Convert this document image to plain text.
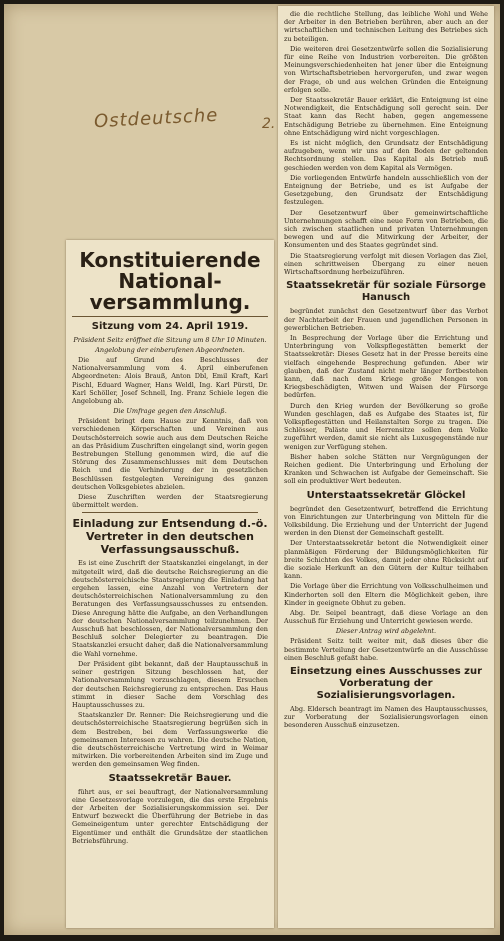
Ostdeutsche	2.
Konstituierende National-versammlung.
Sitzung vom 24. April 1919.
Präsident Seitz eröffnet die Sitzung um 8 Uhr 10 Minuten.
Angelobung der einberufenen Abgeordneten.

Die auf Grund des Beschlusses der Nationalversammlung vom 4. April einberufenen Abgeordneten: Alois Brauß, Anton Dbl, Emil Kraft, Karl Pischl, Eduard Wagner, Hans Weldl, Ing. Karl Pürstl, Dr. Karl Schöller, Josef Schnell, Ing. Franz Schiele legen die Angelobung ab.

Die Umfrage gegen den Anschluß.

Präsident bringt dem Hause zur Kenntnis, daß von verschiedenen Körperschaften und Vereinen aus Deutschösterreich sowie auch aus dem Deutschen Reiche an das Präsidium Zuschriften eingelangt sind, worin gegen Bestrebungen Stellung genommen wird, die auf die Störung des Zusammenschlusses mit dem Deutschen Reich und die Verhinderung der in gesetzlichen Beschlüssen festgelegten Vereinigung des ganzen deutschen Volksgebietes abzielen.

Diese Zuschriften werden der Staatsregierung übermittelt werden.

Einladung zur Entsendung d.-ö. Vertreter in den deutschen Verfassungsausschuß.

Es ist eine Zuschrift der Staatskanzlei eingelangt, in der mitgeteilt wird, daß die deutsche Reichsregierung an die deutschösterreichische Staatsregierung die Einladung hat ergehen lassen, eine Anzahl von Vertretern der deutschösterreichischen Nationalversammlung zu den Beratungen des Verfassungsausschusses zu entsenden. Diese Anregung hätte die Aufgabe, an den Verhandlungen der deutschen Nationalversammlung teilzunehmen. Der Ausschuß hat beschlossen, der Nationalversammlung den Beschluß solcher Delegierter zu beantragen. Die Staatskanzlei ersucht daher, daß die Nationalversammlung die Wahl vornehme.

Der Präsident gibt bekannt, daß der Hauptausschuß in seiner gestrigen Sitzung beschlossen hat, der Nationalversammlung vorzuschlagen, diesem Ersuchen der deutschen Reichsregierung zu entsprechen. Das Haus stimmt in dieser Sache dem Vorschlag des Hauptausschusses zu.

Staatskanzler Dr. Renner: Die Reichsregierung und die deutschösterreichische Staatsregierung begrüßen sich in dem Bestreben, bei dem Verfassungswerke die gemeinsamen Interessen zu wahren. Die deutsche Nation, die deutschösterreichische Vertretung wird in Weimar mitwirken. Die vorbereitenden Arbeiten sind im Zuge und werden den gemeinsamen Weg finden.

Staatssekretär Bauer.

führt aus, er sei beauftragt, der Nationalversammlung eine Gesetzesvorlage vorzulegen, die das erste Ergebnis der Arbeiten der Sozialisierungskommission sei. Der Entwurf bezweckt die Überführung der Betriebe in das Gemeineigentum unter gerechter Entschädigung der Eigentümer und enthält die Grundsätze der staatlichen Betriebsführung.

die die rechtliche Stellung, das leibliche Wohl und Wehe der Arbeiter in den Betrieben berühren, aber auch an der wirtschaftlichen und technischen Leitung des Betriebes sich zu beteiligen.

Die weiteren drei Gesetzentwürfe sollen die Sozialisierung für eine Reihe von Industrien vorbereiten. Die größten Meinungsverschiedenheiten hat jener über die Enteignung von Wirtschaftsbetrieben hervorgerufen, und zwar wegen der Frage, ob und aus welchen Gründen die Enteignung erfolgen solle.

Der Staatssekretär Bauer erklärt, die Enteignung ist eine Notwendigkeit, die Entschädigung soll gerecht sein. Der Staat kann das Recht haben, gegen angemessene Entschädigung Betriebe zu übernehmen. Eine Enteignung ohne Entschädigung wird nicht vorgeschlagen.

Es ist nicht möglich, den Grundsatz der Entschädigung aufzugeben, wenn wir uns auf den Boden der geltenden Rechtsordnung stellen. Das Kapital als Betrieb muß geschieden werden von dem Kapital als Vermögen.

Die vorliegenden Entwürfe handeln ausschließlich von der Enteignung der Betriebe, und es ist Aufgabe der Gesetzgebung, den Grundsatz der Entschädigung festzulegen.

Der Gesetzentwurf über gemeinwirtschaftliche Unternehmungen schafft eine neue Form von Betrieben, die sich zwischen staatlichen und privaten Unternehmungen bewegen und auf die Mitwirkung der Arbeiter, der Konsumenten und des Staates gegründet sind.

Die Staatsregierung verfolgt mit diesen Vorlagen das Ziel, einen schrittweisen Übergang zu einer neuen Wirtschaftsordnung herbeizuführen.

Staatssekretär für soziale Fürsorge Hanusch

begründet zunächst den Gesetzentwurf über das Verbot der Nachtarbeit der Frauen und jugendlichen Personen in gewerblichen Betrieben.

In Besprechung der Vorlage über die Errichtung und Unterbringung von Volkspflegestätten bemerkt der Staatssekretär: Dieses Gesetz hat in der Presse bereits eine vielfach eingehende Besprechung gefunden. Aber wir glauben, daß der Zustand nicht mehr länger fortbestehen kann, daß nach dem Kriege große Mengen von Kriegsbeschädigten, Witwen und Waisen der Fürsorge bedürfen.

Durch den Krieg wurden der Bevölkerung so große Wunden geschlagen, daß es Aufgabe des Staates ist, für Volkspflegestätten und Heilanstalten Sorge zu tragen. Die Schlösser, Paläste und Herrensitze sollen dem Volke zugeführt werden, damit sie nicht als Luxusgegenstände nur wenigen zur Verfügung stehen.

Bisher haben solche Stätten nur Vergnügungen der Reichen gedient. Die Unterbringung und Erholung der Kranken und Schwachen ist Aufgabe der Gemeinschaft. Sie soll ein produktiver Wert bedeuten.

Unterstaatssekretär Glöckel

begründet den Gesetzentwurf, betreffend die Errichtung von Einrichtungen zur Unterbringung von Mitteln für die Volksbildung. Die Erziehung und der Unterricht der Jugend werden in den Dienst der Gemeinschaft gestellt.

Der Unterstaatssekretär betont die Notwendigkeit einer planmäßigen Förderung der Bildungsmöglichkeiten für breite Schichten des Volkes, damit jeder ohne Rücksicht auf die soziale Herkunft an den Gütern der Kultur teilhaben kann.

Die Vorlage über die Errichtung von Volksschulheimen und Kinderhorten soll den Eltern die Möglichkeit geben, ihre Kinder in geeignete Obhut zu geben.

Abg. Dr. Seipel beantragt, daß diese Vorlage an den Ausschuß für Erziehung und Unterricht gewiesen werde.

Dieser Antrag wird abgelehnt.

Präsident Seitz teilt weiter mit, daß dieses über die bestimmte Verteilung der Gesetzentwürfe an die Ausschüsse einen Beschluß gefaßt habe.

Einsetzung eines Ausschusses zur Vorberatung der Sozialisierungsvorlagen.

Abg. Eldersch beantragt im Namen des Hauptausschusses, zur Vorberatung der Sozialisierungsvorlagen einen besonderen Ausschuß einzusetzen.
